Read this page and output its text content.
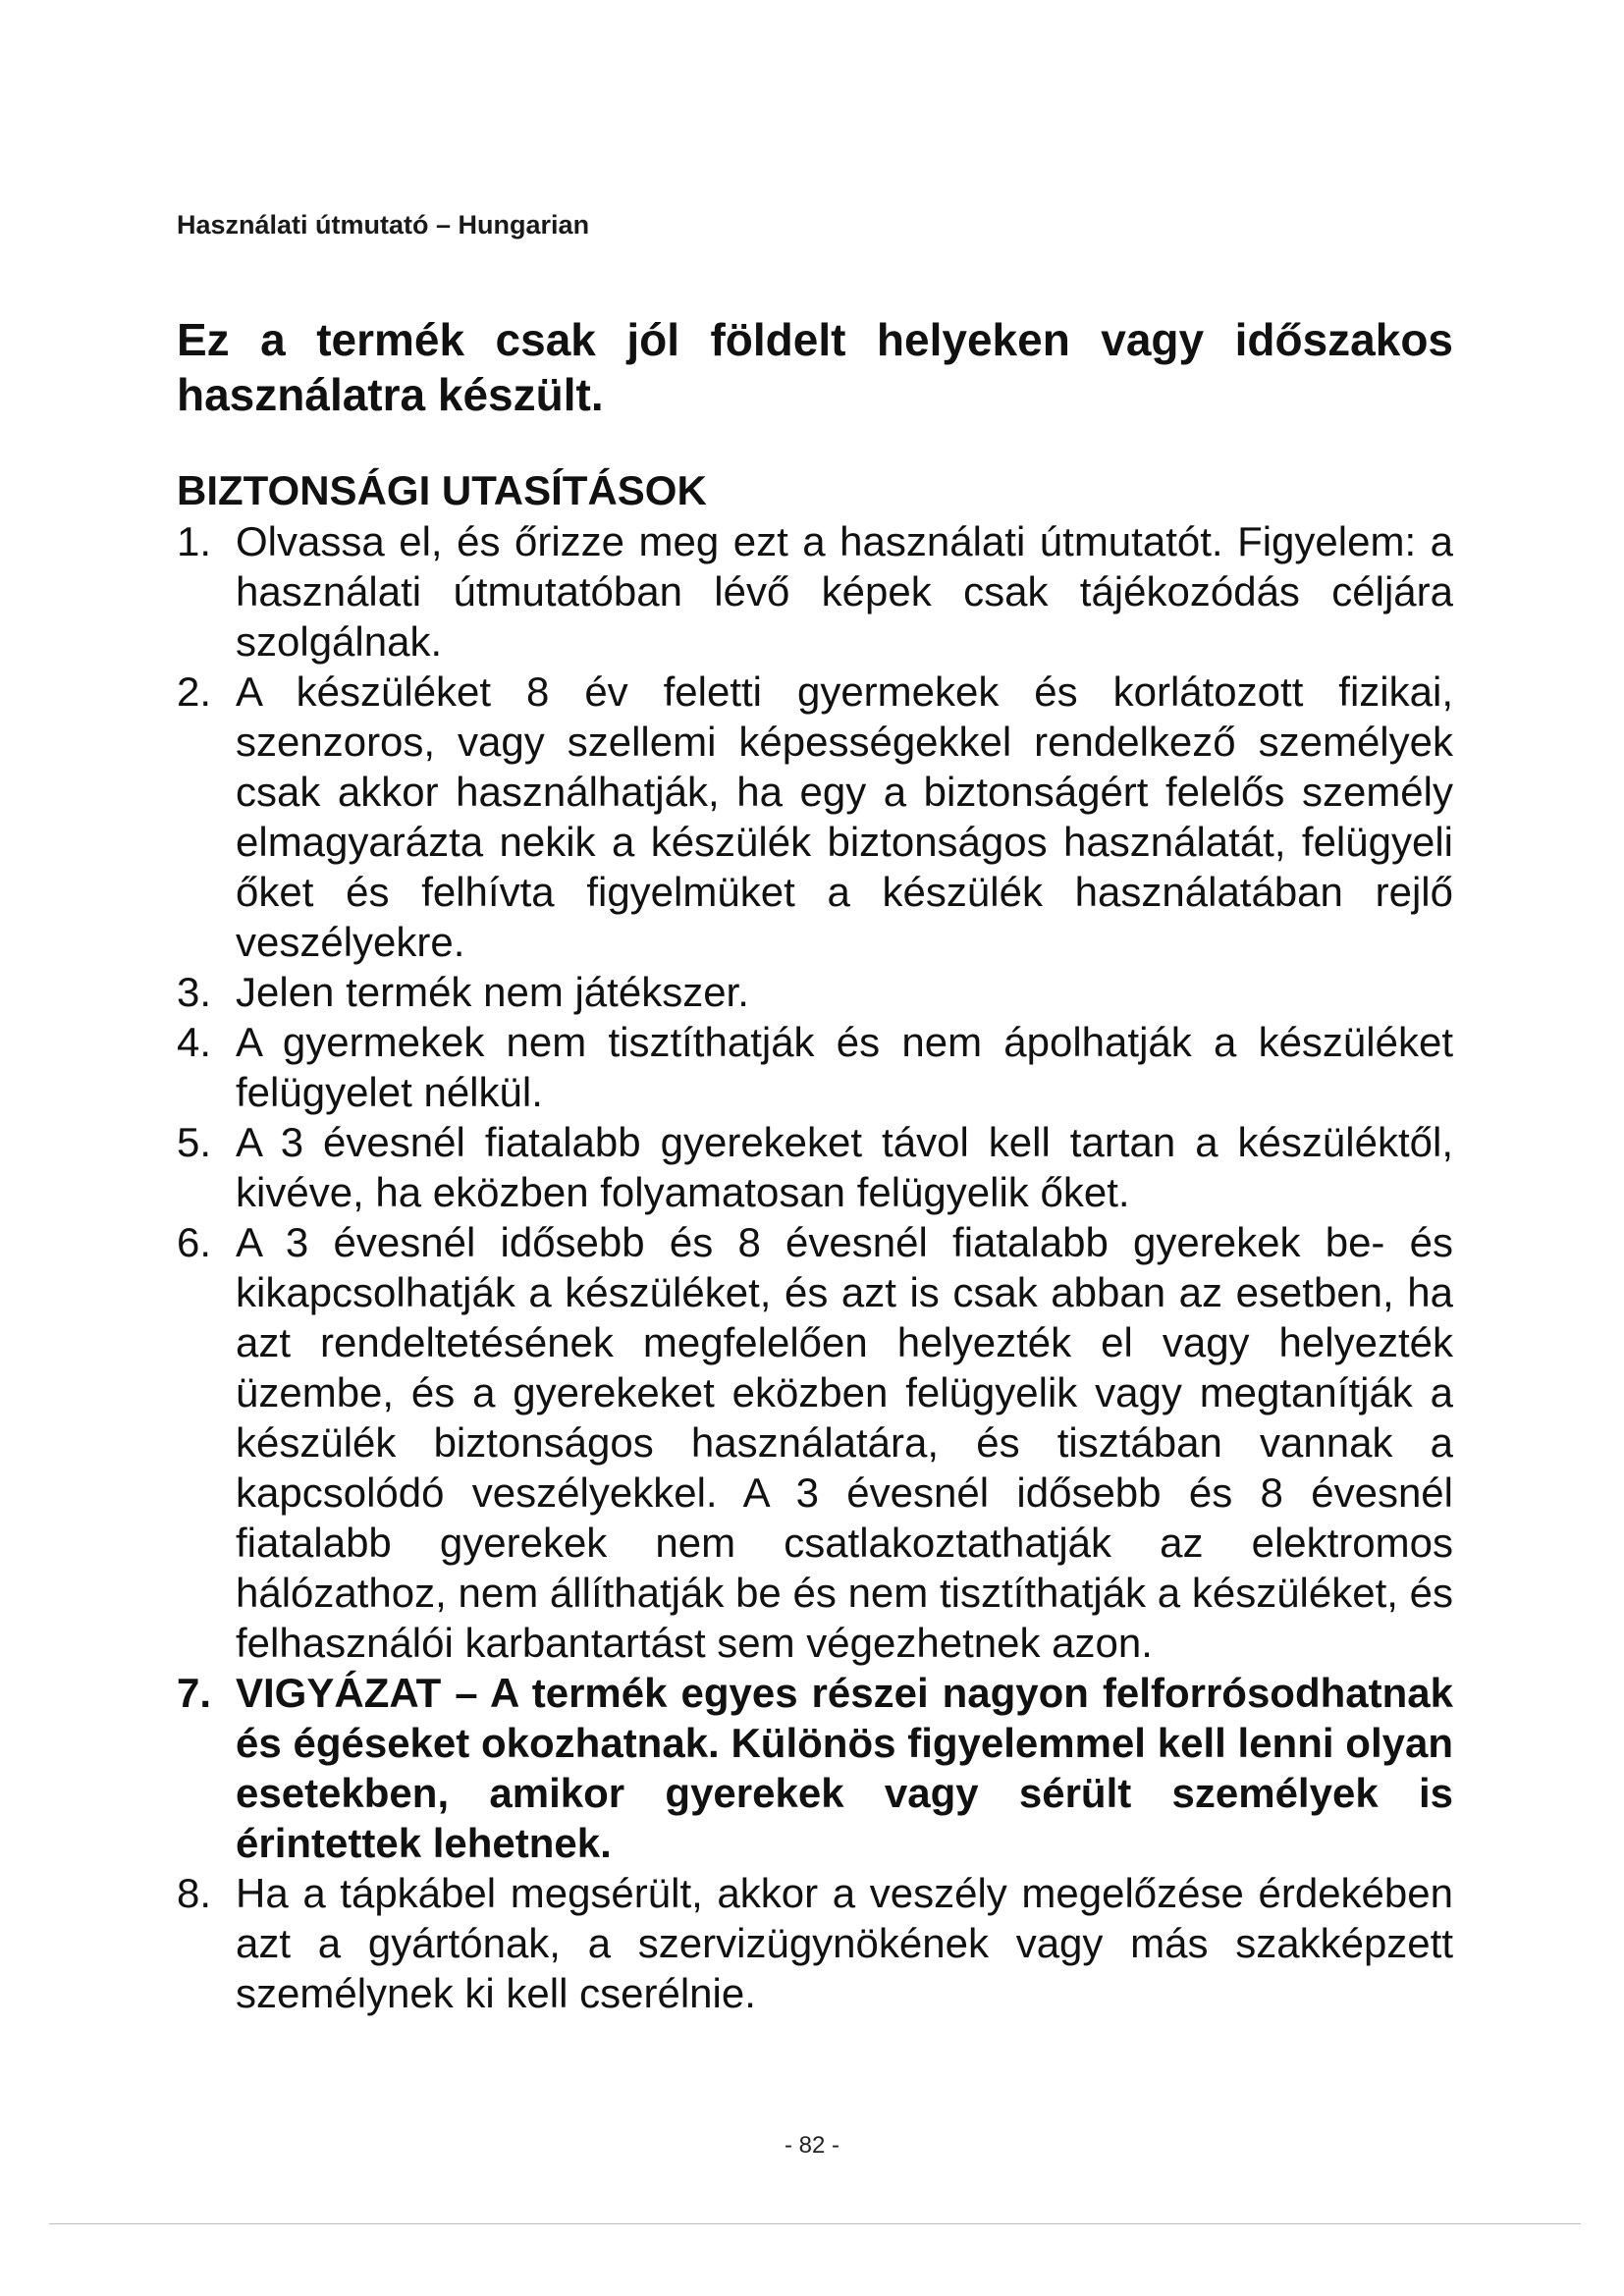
Használati útmutató – Hungarian
Ez a termék csak jól földelt helyeken vagy időszakos használatra készült.
BIZTONSÁGI UTASÍTÁSOK
1. Olvassa el, és őrizze meg ezt a használati útmutatót. Figyelem: a használati útmutatóban lévő képek csak tájékozódás céljára szolgálnak.
2. A készüléket 8 év feletti gyermekek és korlátozott fizikai, szenzoros, vagy szellemi képességekkel rendelkező személyek csak akkor használhatják, ha egy a biztonságért felelős személy elmagyarázta nekik a készülék biztonságos használatát, felügyeli őket és felhívta figyelmüket a készülék használatában rejlő veszélyekre.
3. Jelen termék nem játékszer.
4. A gyermekek nem tisztíthatják és nem ápolhatják a készüléket felügyelet nélkül.
5. A 3 évesnél fiatalabb gyerekeket távol kell tartan a készüléktől, kivéve, ha eközben folyamatosan felügyelik őket.
6. A 3 évesnél idősebb és 8 évesnél fiatalabb gyerekek be- és kikapcsolhatják a készüléket, és azt is csak abban az esetben, ha azt rendeltetésének megfelelően helyezték el vagy helyezték üzembe, és a gyerekeket eközben felügyelik vagy megtanítják a készülék biztonságos használatára, és tisztában vannak a kapcsolódó veszélyekkel. A 3 évesnél idősebb és 8 évesnél fiatalabb gyerekek nem csatlakoztathatják az elektromos hálózathoz, nem állíthatják be és nem tisztíthatják a készüléket, és felhasználói karbantartást sem végezhetnek azon.
7. VIGYÁZAT – A termék egyes részei nagyon felforrósodhatnak és égéseket okozhatnak. Különös figyelemmel kell lenni olyan esetekben, amikor gyerekek vagy sérült személyek is érintettek lehetnek.
8. Ha a tápkábel megsérült, akkor a veszély megelőzése érdekében azt a gyártónak, a szervizügynökének vagy más szakképzett személynek ki kell cserélnie.
- 82 -
